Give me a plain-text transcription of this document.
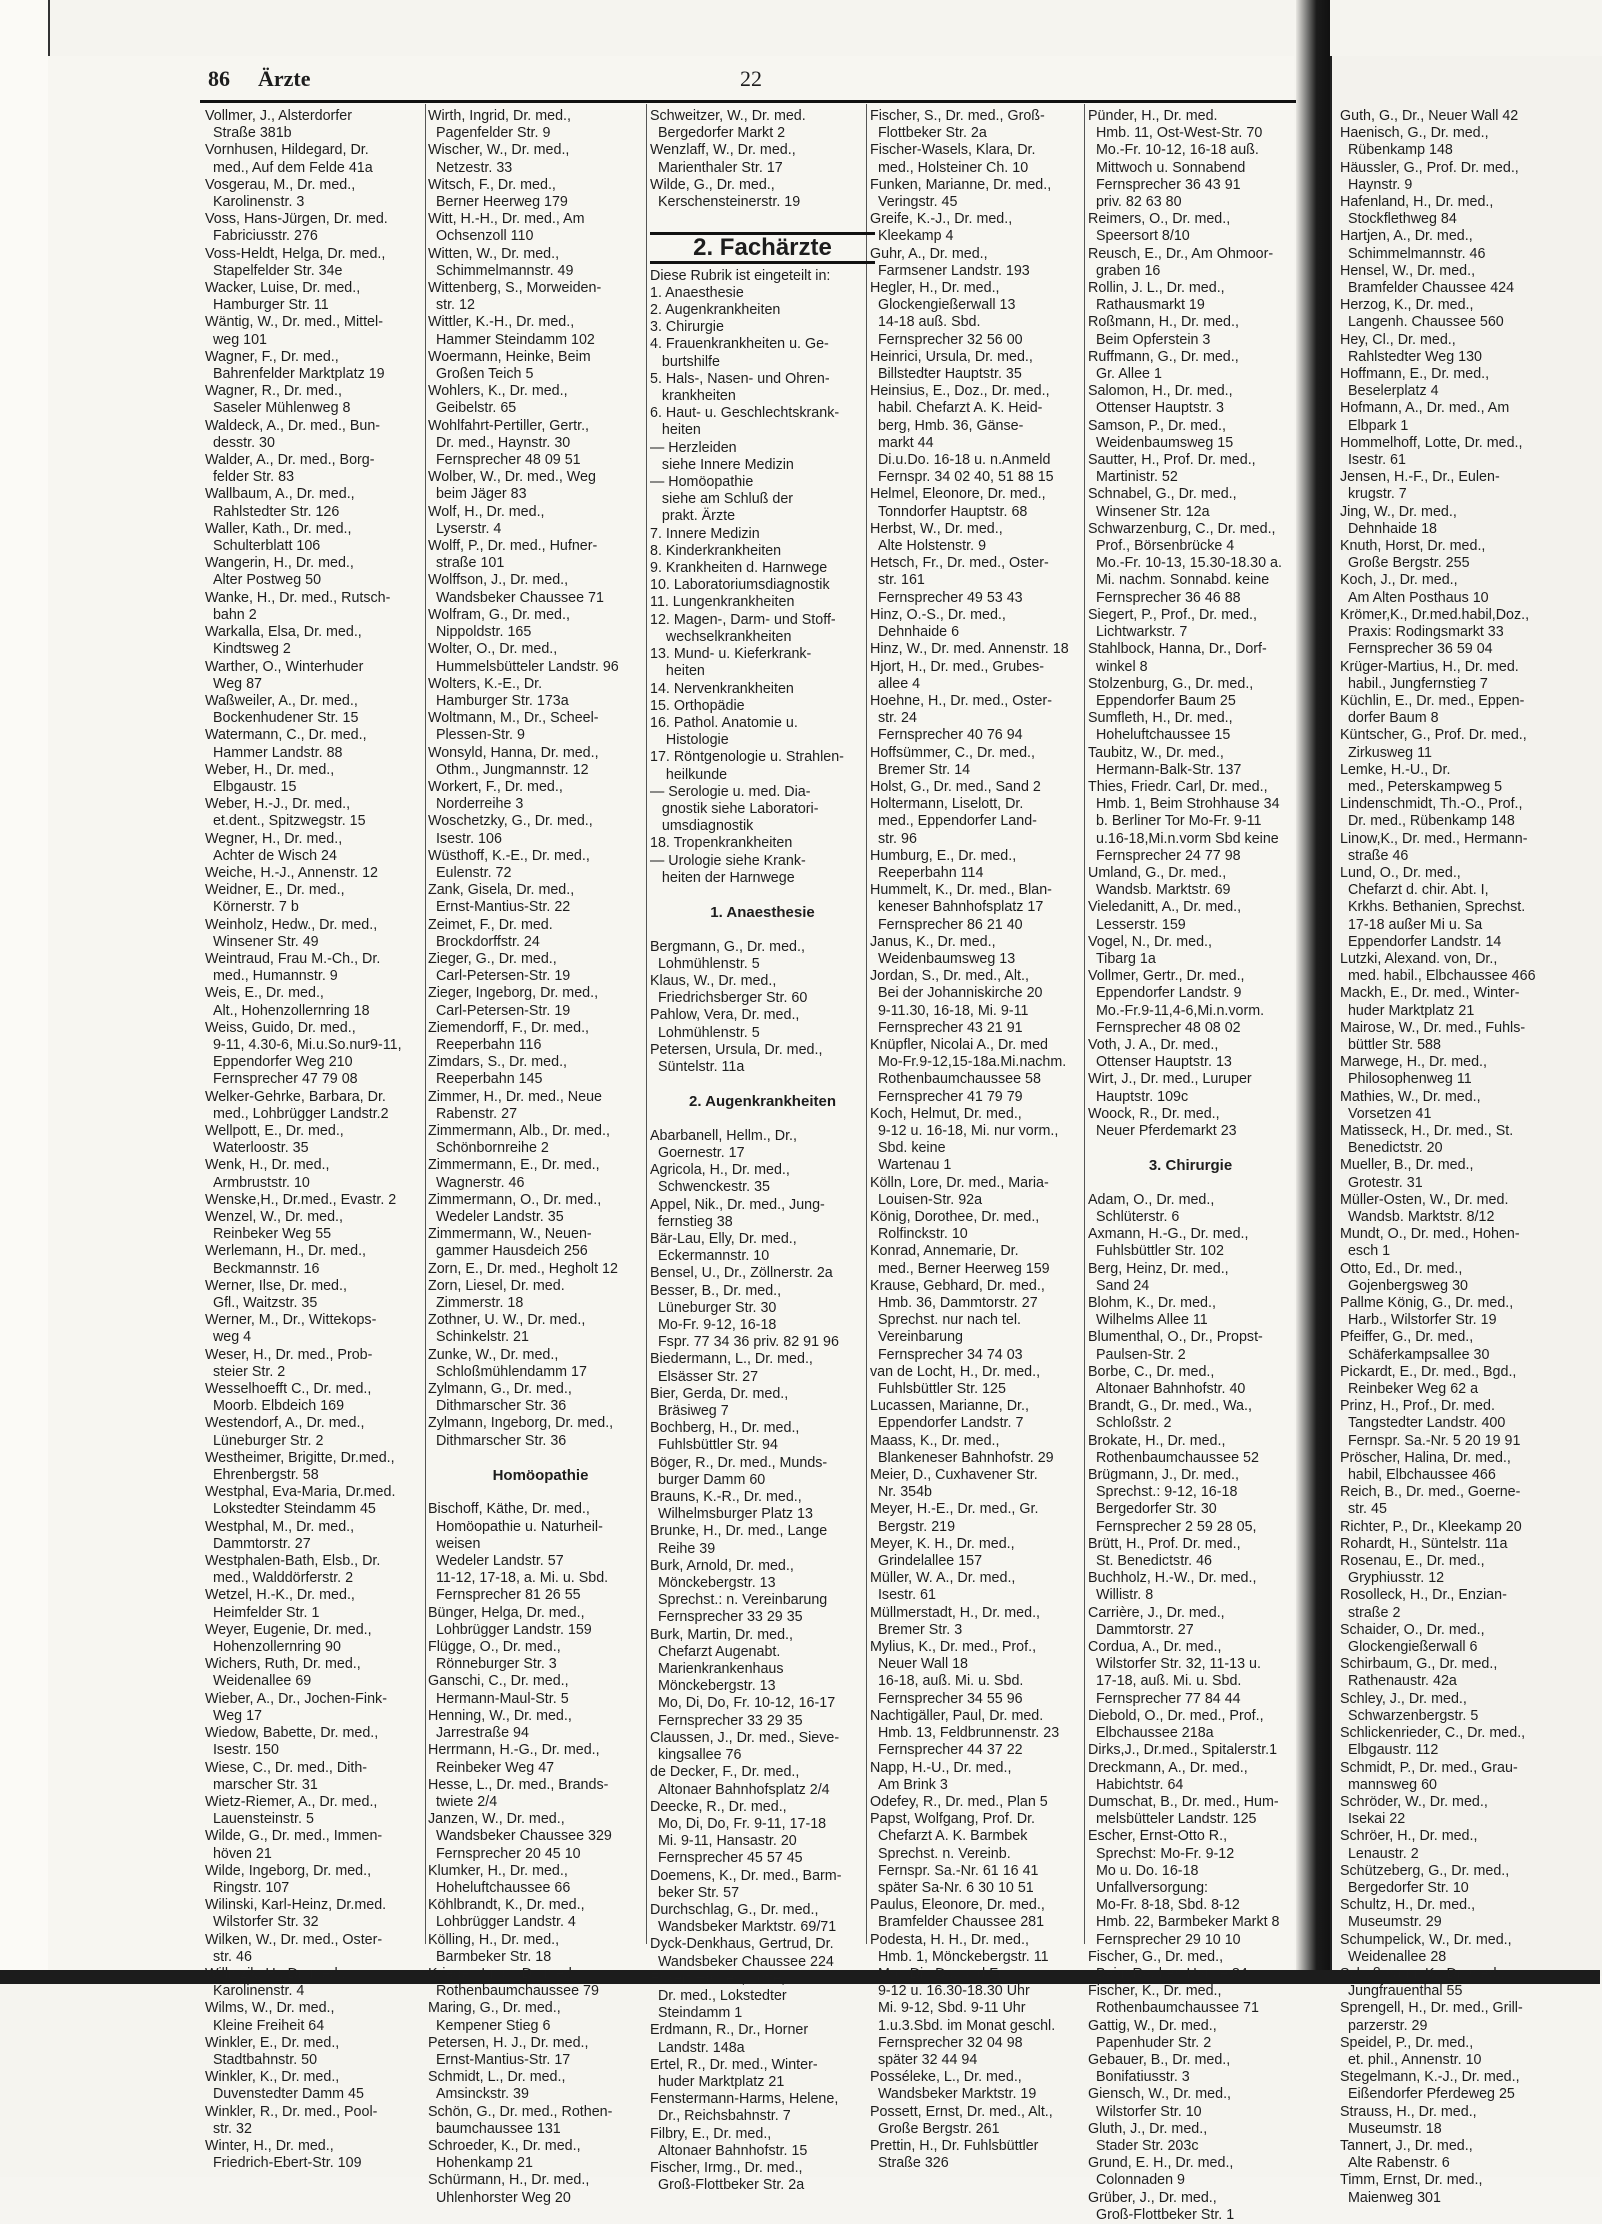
86 Ärzte	22
Vollmer, J., Alsterdorfer
Straße 381b
Vornhusen, Hildegard, Dr.
med., Auf dem Felde 41a
Vosgerau, M., Dr. med.,
Karolinenstr. 3
Voss, Hans-Jürgen, Dr. med.
Fabriciusstr. 276
Voss-Heldt, Helga, Dr. med.,
Stapelfelder Str. 34e
Wacker, Luise, Dr. med.,
Hamburger Str. 11
Wäntig, W., Dr. med., Mittel-
weg 101
Wagner, F., Dr. med.,
Bahrenfelder Marktplatz 19
Wagner, R., Dr. med.,
Saseler Mühlenweg 8
Waldeck, A., Dr. med., Bun-
desstr. 30
Walder, A., Dr. med., Borg-
felder Str. 83
Wallbaum, A., Dr. med.,
Rahlstedter Str. 126
Waller, Kath., Dr. med.,
Schulterblatt 106
Wangerin, H., Dr. med.,
Alter Postweg 50
Wanke, H., Dr. med., Rutsch-
bahn 2
Warkalla, Elsa, Dr. med.,
Kindtsweg 2
Warther, O., Winterhuder
Weg 87
Waßweiler, A., Dr. med.,
Bockenhudener Str. 15
Watermann, C., Dr. med.,
Hammer Landstr. 88
Weber, H., Dr. med.,
Elbgaustr. 15
Weber, H.-J., Dr. med.,
et.dent., Spitzwegstr. 15
Wegner, H., Dr. med.,
Achter de Wisch 24
Weiche, H.-J., Annenstr. 12
Weidner, E., Dr. med.,
Körnerstr. 7 b
Weinholz, Hedw., Dr. med.,
Winsener Str. 49
Weintraud, Frau M.-Ch., Dr.
med., Humannstr. 9
Weis, E., Dr. med.,
Alt., Hohenzollernring 18
Weiss, Guido, Dr. med.,
9-11, 4.30-6, Mi.u.So.nur9-11,
Eppendorfer Weg 210
Fernsprecher 47 79 08
Welker-Gehrke, Barbara, Dr.
med., Lohbrügger Landstr.2
Wellpott, E., Dr. med.,
Waterloostr. 35
Wenk, H., Dr. med.,
Armbruststr. 10
Wenske,H., Dr.med., Evastr. 2
Wenzel, W., Dr. med.,
Reinbeker Weg 55
Werlemann, H., Dr. med.,
Beckmannstr. 16
Werner, Ilse, Dr. med.,
Gfl., Waitzstr. 35
Werner, M., Dr., Wittekops-
weg 4
Weser, H., Dr. med., Prob-
steier Str. 2
Wesselhoefft C., Dr. med.,
Moorb. Elbdeich 169
Westendorf, A., Dr. med.,
Lüneburger Str. 2
Westheimer, Brigitte, Dr.med.,
Ehrenbergstr. 58
Westphal, Eva-Maria, Dr.med.
Lokstedter Steindamm 45
Westphal, M., Dr. med.,
Dammtorstr. 27
Westphalen-Bath, Elsb., Dr.
med., Walddörferstr. 2
Wetzel, H.-K., Dr. med.,
Heimfelder Str. 1
Weyer, Eugenie, Dr. med.,
Hohenzollernring 90
Wichers, Ruth, Dr. med.,
Weidenallee 69
Wieber, A., Dr., Jochen-Fink-
Weg 17
Wiedow, Babette, Dr. med.,
Isestr. 150
Wiese, C., Dr. med., Dith-
marscher Str. 31
Wietz-Riemer, A., Dr. med.,
Lauensteinstr. 5
Wilde, G., Dr. med., Immen-
höven 21
Wilde, Ingeborg, Dr. med.,
Ringstr. 107
Wilinski, Karl-Heinz, Dr.med.
Wilstorfer Str. 32
Wilken, W., Dr. med., Oster-
str. 46
Willmzik, H., Dr. med.,
Karolinenstr. 4
Wilms, W., Dr. med.,
Kleine Freiheit 64
Winkler, E., Dr. med.,
Stadtbahnstr. 50
Winkler, K., Dr. med.,
Duvenstedter Damm 45
Winkler, R., Dr. med., Pool-
str. 32
Winter, H., Dr. med.,
Friedrich-Ebert-Str. 109

Wirth, Ingrid, Dr. med.,
Pagenfelder Str. 9
Wischer, W., Dr. med.,
Netzestr. 33
Witsch, F., Dr. med.,
Berner Heerweg 179
Witt, H.-H., Dr. med., Am
Ochsenzoll 110
Witten, W., Dr. med.,
Schimmelmannstr. 49
Wittenberg, S., Morweiden-
str. 12
Wittler, K.-H., Dr. med.,
Hammer Steindamm 102
Woermann, Heinke, Beim
Großen Teich 5
Wohlers, K., Dr. med.,
Geibelstr. 65
Wohlfahrt-Pertiller, Gertr.,
Dr. med., Haynstr. 30
Fernsprecher 48 09 51
Wolber, W., Dr. med., Weg
beim Jäger 83
Wolf, H., Dr. med.,
Lyserstr. 4
Wolff, P., Dr. med., Hufner-
straße 101
Wolffson, J., Dr. med.,
Wandsbeker Chaussee 71
Wolfram, G., Dr. med.,
Nippoldstr. 165
Wolter, O., Dr. med.,
Hummelsbütteler Landstr. 96
Wolters, K.-E., Dr.
Hamburger Str. 173a
Woltmann, M., Dr., Scheel-
Plessen-Str. 9
Wonsyld, Hanna, Dr. med.,
Othm., Jungmannstr. 12
Workert, F., Dr. med.,
Norderreihe 3
Woschetzky, G., Dr. med.,
Isestr. 106
Wüsthoff, K.-E., Dr. med.,
Eulenstr. 72
Zank, Gisela, Dr. med.,
Ernst-Mantius-Str. 22
Zeimet, F., Dr. med.
Brockdorffstr. 24
Zieger, G., Dr. med.,
Carl-Petersen-Str. 19
Zieger, Ingeborg, Dr. med.,
Carl-Petersen-Str. 19
Ziemendorff, F., Dr. med.,
Reeperbahn 116
Zimdars, S., Dr. med.,
Reeperbahn 145
Zimmer, H., Dr. med., Neue
Rabenstr. 27
Zimmermann, Alb., Dr. med.,
Schönbornreihe 2
Zimmermann, E., Dr. med.,
Wagnerstr. 46
Zimmermann, O., Dr. med.,
Wedeler Landstr. 35
Zimmermann, W., Neuen-
gammer Hausdeich 256
Zorn, E., Dr. med., Hegholt 12
Zorn, Liesel, Dr. med.
Zimmerstr. 18
Zothner, U. W., Dr. med.,
Schinkelstr. 21
Zunke, W., Dr. med.,
Schloßmühlendamm 17
Zylmann, G., Dr. med.,
Dithmarscher Str. 36
Zylmann, Ingeborg, Dr. med.,
Dithmarscher Str. 36

Homöopathie

Bischoff, Käthe, Dr. med.,
Homöopathie u. Naturheil-
weisen
Wedeler Landstr. 57
11-12, 17-18, a. Mi. u. Sbd.
Fernsprecher 81 26 55
Bünger, Helga, Dr. med.,
Lohbrügger Landstr. 159
Flügge, O., Dr. med.,
Rönneburger Str. 3
Ganschi, C., Dr. med.,
Hermann-Maul-Str. 5
Henning, W., Dr. med.,
Jarrestraße 94
Herrmann, H.-G., Dr. med.,
Reinbeker Weg 47
Hesse, L., Dr. med., Brands-
twiete 2/4
Janzen, W., Dr. med.,
Wandsbeker Chaussee 329
Fernsprecher 20 45 10
Klumker, H., Dr. med.,
Hoheluftchaussee 66
Köhlbrandt, K., Dr. med.,
Lohbrügger Landstr. 4
Kölling, H., Dr. med.,
Barmbeker Str. 18
Krieger, Irmg., Dr. med.,
Rothenbaumchaussee 79
Maring, G., Dr. med.,
Kempener Stieg 6
Petersen, H. J., Dr. med.,
Ernst-Mantius-Str. 17
Schmidt, L., Dr. med.,
Amsinckstr. 39
Schön, G., Dr. med., Rothen-
baumchaussee 131
Schroeder, K., Dr. med.,
Hohenkamp 21
Schürmann, H., Dr. med.,
Uhlenhorster Weg 20

Schweitzer, W., Dr. med.
Bergedorfer Markt 2
Wenzlaff, W., Dr. med.,
Marienthaler Str. 17
Wilde, G., Dr. med.,
Kerschensteinerstr. 19

2. Fachärzte
Diese Rubrik ist eingeteilt in:
1. Anaesthesie
2. Augenkrankheiten
3. Chirurgie
4. Frauenkrankheiten u. Ge-
burtshilfe
5. Hals-, Nasen- und Ohren-
krankheiten
6. Haut- u. Geschlechtskrank-
heiten
— Herzleiden
siehe Innere Medizin
— Homöopathie
siehe am Schluß der
prakt. Ärzte
7. Innere Medizin
8. Kinderkrankheiten
9. Krankheiten d. Harnwege
10. Laboratoriumsdiagnostik
11. Lungenkrankheiten
12. Magen-, Darm- und Stoff-
wechselkrankheiten
13. Mund- u. Kieferkrank-
heiten
14. Nervenkrankheiten
15. Orthopädie
16. Pathol. Anatomie u.
Histologie
17. Röntgenologie u. Strahlen-
heilkunde
— Serologie u. med. Dia-
gnostik siehe Laboratori-
umsdiagnostik
18. Tropenkrankheiten
— Urologie siehe Krank-
heiten der Harnwege

1. Anaesthesie

Bergmann, G., Dr. med.,
Lohmühlenstr. 5
Klaus, W., Dr. med.,
Friedrichsberger Str. 60
Pahlow, Vera, Dr. med.,
Lohmühlenstr. 5
Petersen, Ursula, Dr. med.,
Süntelstr. 11a

2. Augenkrankheiten

Abarbanell, Hellm., Dr.,
Goernestr. 17
Agricola, H., Dr. med.,
Schwenckestr. 35
Appel, Nik., Dr. med., Jung-
fernstieg 38
Bär-Lau, Elly, Dr. med.,
Eckermannstr. 10
Bensel, U., Dr., Zöllnerstr. 2a
Besser, B., Dr. med.,
Lüneburger Str. 30
Mo-Fr. 9-12, 16-18
Fspr. 77 34 36 priv. 82 91 96
Biedermann, L., Dr. med.,
Elsässer Str. 27
Bier, Gerda, Dr. med.,
Bräsiweg 7
Bochberg, H., Dr. med.,
Fuhlsbüttler Str. 94
Böger, R., Dr. med., Munds-
burger Damm 60
Brauns, K.-R., Dr. med.,
Wilhelmsburger Platz 13
Brunke, H., Dr. med., Lange
Reihe 39
Burk, Arnold, Dr. med.,
Mönckebergstr. 13
Sprechst.: n. Vereinbarung
Fernsprecher 33 29 35
Burk, Martin, Dr. med.,
Chefarzt Augenabt.
Marienkrankenhaus
Mönckebergstr. 13
Mo, Di, Do, Fr. 10-12, 16-17
Fernsprecher 33 29 35
Claussen, J., Dr. med., Sieve-
kingsallee 76
de Decker, F., Dr. med.,
Altonaer Bahnhofsplatz 2/4
Deecke, R., Dr. med.,
Mo, Di, Do, Fr. 9-11, 17-18
Mi. 9-11, Hansastr. 20
Fernsprecher 45 57 45
Doemens, K., Dr. med., Barm-
beker Str. 57
Durchschlag, G., Dr. med.,
Wandsbeker Marktstr. 69/71
Dyck-Denkhaus, Gertrud, Dr.
Wandsbeker Chaussee 224
Eckert-Harries, Lotte,
Dr. med., Lokstedter
Steindamm 1
Erdmann, R., Dr., Horner
Landstr. 148a
Ertel, R., Dr. med., Winter-
huder Marktplatz 21
Fenstermann-Harms, Helene,
Dr., Reichsbahnstr. 7
Filbry, E., Dr. med.,
Altonaer Bahnhofstr. 15
Fischer, Irmg., Dr. med.,
Groß-Flottbeker Str. 2a

Fischer, S., Dr. med., Groß-
Flottbeker Str. 2a
Fischer-Wasels, Klara, Dr.
med., Holsteiner Ch. 10
Funken, Marianne, Dr. med.,
Veringstr. 45
Greife, K.-J., Dr. med.,
Kleekamp 4
Guhr, A., Dr. med.,
Farmsener Landstr. 193
Hegler, H., Dr. med.,
Glockengießerwall 13
14-18 auß. Sbd.
Fernsprecher 32 56 00
Heinrici, Ursula, Dr. med.,
Billstedter Hauptstr. 35
Heinsius, E., Doz., Dr. med.,
habil. Chefarzt A. K. Heid-
berg, Hmb. 36, Gänse-
markt 44
Di.u.Do. 16-18 u. n.Anmeld
Fernspr. 34 02 40, 51 88 15
Helmel, Eleonore, Dr. med.,
Tonndorfer Hauptstr. 68
Herbst, W., Dr. med.,
Alte Holstenstr. 9
Hetsch, Fr., Dr. med., Oster-
str. 161
Fernsprecher 49 53 43
Hinz, O.-S., Dr. med.,
Dehnhaide 6
Hinz, W., Dr. med. Annenstr. 18
Hjort, H., Dr. med., Grubes-
allee 4
Hoehne, H., Dr. med., Oster-
str. 24
Fernsprecher 40 76 94
Hoffsümmer, C., Dr. med.,
Bremer Str. 14
Holst, G., Dr. med., Sand 2
Holtermann, Liselott, Dr.
med., Eppendorfer Land-
str. 96
Humburg, E., Dr. med.,
Reeperbahn 114
Hummelt, K., Dr. med., Blan-
keneser Bahnhofsplatz 17
Fernsprecher 86 21 40
Janus, K., Dr. med.,
Weidenbaumsweg 13
Jordan, S., Dr. med., Alt.,
Bei der Johanniskirche 20
9-11.30, 16-18, Mi. 9-11
Fernsprecher 43 21 91
Knüpfler, Nicolai A., Dr. med
Mo-Fr.9-12,15-18a.Mi.nachm.
Rothenbaumchaussee 58
Fernsprecher 41 79 79
Koch, Helmut, Dr. med.,
9-12 u. 16-18, Mi. nur vorm.,
Sbd. keine
Wartenau 1
Kölln, Lore, Dr. med., Maria-
Louisen-Str. 92a
König, Dorothee, Dr. med.,
Rolfinckstr. 10
Konrad, Annemarie, Dr.
med., Berner Heerweg 159
Krause, Gebhard, Dr. med.,
Hmb. 36, Dammtorstr. 27
Sprechst. nur nach tel.
Vereinbarung
Fernsprecher 34 74 03
van de Locht, H., Dr. med.,
Fuhlsbüttler Str. 125
Lucassen, Marianne, Dr.,
Eppendorfer Landstr. 7
Maass, K., Dr. med.,
Blankeneser Bahnhofstr. 29
Meier, D., Cuxhavener Str.
Nr. 354b
Meyer, H.-E., Dr. med., Gr.
Bergstr. 219
Meyer, K. H., Dr. med.,
Grindelallee 157
Müller, W. A., Dr. med.,
Isestr. 61
Müllmerstadt, H., Dr. med.,
Bremer Str. 3
Mylius, K., Dr. med., Prof.,
Neuer Wall 18
16-18, auß. Mi. u. Sbd.
Fernsprecher 34 55 96
Nachtigäller, Paul, Dr. med.
Hmb. 13, Feldbrunnenstr. 23
Fernsprecher 44 37 22
Napp, H.-U., Dr. med.,
Am Brink 3
Odefey, R., Dr. med., Plan 5
Papst, Wolfgang, Prof. Dr.
Chefarzt A. K. Barmbek
Sprechst. n. Vereinb.
Fernspr. Sa.-Nr. 61 16 41
später Sa-Nr. 6 30 10 51
Paulus, Eleonore, Dr. med.,
Bramfelder Chaussee 281
Podesta, H. H., Dr. med.,
Hmb. 1, Mönckebergstr. 11
Mo., Di., Do. und Fr.
9-12 u. 16.30-18.30 Uhr
Mi. 9-12, Sbd. 9-11 Uhr
1.u.3.Sbd. im Monat geschl.
Fernsprecher 32 04 98
später 32 44 94
Posséleke, L., Dr. med.,
Wandsbeker Marktstr. 19
Possett, Ernst, Dr. med., Alt.,
Große Bergstr. 261
Prettin, H., Dr. Fuhlsbüttler
Straße 326

Pünder, H., Dr. med.
Hmb. 11, Ost-West-Str. 70
Mo.-Fr. 10-12, 16-18 auß.
Mittwoch u. Sonnabend
Fernsprecher 36 43 91
priv. 82 63 80
Reimers, O., Dr. med.,
Speersort 8/10
Reusch, E., Dr., Am Ohmoor-
graben 16
Rollin, J. L., Dr. med.,
Rathausmarkt 19
Roßmann, H., Dr. med.,
Beim Opferstein 3
Ruffmann, G., Dr. med.,
Gr. Allee 1
Salomon, H., Dr. med.,
Ottenser Hauptstr. 3
Samson, P., Dr. med.,
Weidenbaumsweg 15
Sautter, H., Prof. Dr. med.,
Martinistr. 52
Schnabel, G., Dr. med.,
Winsener Str. 12a
Schwarzenburg, C., Dr. med.,
Prof., Börsenbrücke 4
Mo.-Fr. 10-13, 15.30-18.30 a.
Mi. nachm. Sonnabd. keine
Fernsprecher 36 46 88
Siegert, P., Prof., Dr. med.,
Lichtwarkstr. 7
Stahlbock, Hanna, Dr., Dorf-
winkel 8
Stolzenburg, G., Dr. med.,
Eppendorfer Baum 25
Sumfleth, H., Dr. med.,
Hoheluftchaussee 15
Taubitz, W., Dr. med.,
Hermann-Balk-Str. 137
Thies, Friedr. Carl, Dr. med.,
Hmb. 1, Beim Strohhause 34
b. Berliner Tor Mo-Fr. 9-11
u.16-18,Mi.n.vorm Sbd keine
Fernsprecher 24 77 98
Umland, G., Dr. med.,
Wandsb. Marktstr. 69
Vieledanitt, A., Dr. med.,
Lesserstr. 159
Vogel, N., Dr. med.,
Tibarg 1a
Vollmer, Gertr., Dr. med.,
Eppendorfer Landstr. 9
Mo.-Fr.9-11,4-6,Mi.n.vorm.
Fernsprecher 48 08 02
Voth, J. A., Dr. med.,
Ottenser Hauptstr. 13
Wirt, J., Dr. med., Luruper
Hauptstr. 109c
Woock, R., Dr. med.,
Neuer Pferdemarkt 23

3. Chirurgie

Adam, O., Dr. med.,
Schlüterstr. 6
Axmann, H.-G., Dr. med.,
Fuhlsbüttler Str. 102
Berg, Heinz, Dr. med.,
Sand 24
Blohm, K., Dr. med.,
Wilhelms Allee 11
Blumenthal, O., Dr., Propst-
Paulsen-Str. 2
Borbe, C., Dr. med.,
Altonaer Bahnhofstr. 40
Brandt, G., Dr. med., Wa.,
Schloßstr. 2
Brokate, H., Dr. med.,
Rothenbaumchaussee 52
Brügmann, J., Dr. med.,
Sprechst.: 9-12, 16-18
Bergedorfer Str. 30
Fernsprecher 2 59 28 05,
Brütt, H., Prof. Dr. med.,
St. Benedictstr. 46
Buchholz, H.-W., Dr. med.,
Willistr. 8
Carrière, J., Dr. med.,
Dammtorstr. 27
Cordua, A., Dr. med.,
Wilstorfer Str. 32, 11-13 u.
17-18, auß. Mi. u. Sbd.
Fernsprecher 77 84 44
Diebold, O., Dr. med., Prof.,
Elbchaussee 218a
Dirks,J., Dr.med., Spitalerstr.1
Dreckmann, A., Dr. med.,
Habichtstr. 64
Dumschat, B., Dr. med., Hum-
melsbütteler Landstr. 125
Escher, Ernst-Otto R.,
Sprechst: Mo-Fr. 9-12
Mo u. Do. 16-18
Unfallversorgung:
Mo-Fr. 8-18, Sbd. 8-12
Hmb. 22, Barmbeker Markt 8
Fernsprecher 29 10 10
Fischer, G., Dr. med.,
Beim Rauhen Hause 84
Fischer, K., Dr. med.,
Rothenbaumchaussee 71
Gattig, W., Dr. med.,
Papenhuder Str. 2
Gebauer, B., Dr. med.,
Bonifatiusstr. 3
Giensch, W., Dr. med.,
Wilstorfer Str. 10
Gluth, J., Dr. med.,
Stader Str. 203c
Grund, E. H., Dr. med.,
Colonnaden 9
Grüber, J., Dr. med.,
Groß-Flottbeker Str. 1

Guth, G., Dr., Neuer Wall 42
Haenisch, G., Dr. med.,
Rübenkamp 148
Häussler, G., Prof. Dr. med.,
Haynstr. 9
Hafenland, H., Dr. med.,
Stockflethweg 84
Hartjen, A., Dr. med.,
Schimmelmannstr. 46
Hensel, W., Dr. med.,
Bramfelder Chaussee 424
Herzog, K., Dr. med.,
Langenh. Chaussee 560
Hey, Cl., Dr. med.,
Rahlstedter Weg 130
Hoffmann, E., Dr. med.,
Beselerplatz 4
Hofmann, A., Dr. med., Am
Elbpark 1
Hommelhoff, Lotte, Dr. med.,
Isestr. 61
Jensen, H.-F., Dr., Eulen-
krugstr. 7
Jing, W., Dr. med.,
Dehnhaide 18
Knuth, Horst, Dr. med.,
Große Bergstr. 255
Koch, J., Dr. med.,
Am Alten Posthaus 10
Krömer,K., Dr.med.habil,Doz.,
Praxis: Rodingsmarkt 33
Fernsprecher 36 59 04
Krüger-Martius, H., Dr. med.
habil., Jungfernstieg 7
Küchlin, E., Dr. med., Eppen-
dorfer Baum 8
Küntscher, G., Prof. Dr. med.,
Zirkusweg 11
Lemke, H.-U., Dr.
med., Peterskampweg 5
Lindenschmidt, Th.-O., Prof.,
Dr. med., Rübenkamp 148
Linow,K., Dr. med., Hermann-
straße 46
Lund, O., Dr. med.,
Chefarzt d. chir. Abt. I,
Krkhs. Bethanien, Sprechst.
17-18 außer Mi u. Sa
Eppendorfer Landstr. 14
Lutzki, Alexand. von, Dr.,
med. habil., Elbchaussee 466
Mackh, E., Dr. med., Winter-
huder Marktplatz 21
Mairose, W., Dr. med., Fuhls-
büttler Str. 588
Marwege, H., Dr. med.,
Philosophenweg 11
Mathies, W., Dr. med.,
Vorsetzen 41
Matisseck, H., Dr. med., St.
Benedictstr. 20
Mueller, B., Dr. med.,
Grotestr. 31
Müller-Osten, W., Dr. med.
Wandsb. Marktstr. 8/12
Mundt, O., Dr. med., Hohen-
esch 1
Otto, Ed., Dr. med.,
Gojenbergsweg 30
Pallme König, G., Dr. med.,
Harb., Wilstorfer Str. 19
Pfeiffer, G., Dr. med.,
Schäferkampsallee 30
Pickardt, E., Dr. med., Bgd.,
Reinbeker Weg 62 a
Prinz, H., Prof., Dr. med.
Tangstedter Landstr. 400
Fernspr. Sa.-Nr. 5 20 19 91
Pröscher, Halina, Dr. med.,
habil, Elbchaussee 466
Reich, B., Dr. med., Goerne-
str. 45
Richter, P., Dr., Kleekamp 20
Rohardt, H., Süntelstr. 11a
Rosenau, E., Dr. med.,
Gryphiusstr. 12
Rosolleck, H., Dr., Enzian-
straße 2
Schaider, O., Dr. med.,
Glockengießerwall 6
Schirbaum, G., Dr. med.,
Rathenaustr. 42a
Schley, J., Dr. med.,
Schwarzenbergstr. 5
Schlickenrieder, C., Dr. med.,
Elbgaustr. 112
Schmidt, P., Dr. med., Grau-
mannsweg 60
Schröder, W., Dr. med.,
Isekai 22
Schröer, H., Dr. med.,
Lenaustr. 2
Schützeberg, G., Dr. med.,
Bergedorfer Str. 10
Schultz, H., Dr. med.,
Museumstr. 29
Schumpelick, W., Dr. med.,
Weidenallee 28
Schußmann, K., Dr. med.,
Jungfrauenthal 55
Sprengell, H., Dr. med., Grill-
parzerstr. 29
Speidel, P., Dr. med.,
et. phil., Annenstr. 10
Stegelmann, K.-J., Dr. med.,
Eißendorfer Pferdeweg 25
Strauss, H., Dr. med.,
Museumstr. 18
Tannert, J., Dr. med.,
Alte Rabenstr. 6
Timm, Ernst, Dr. med.,
Maienweg 301
